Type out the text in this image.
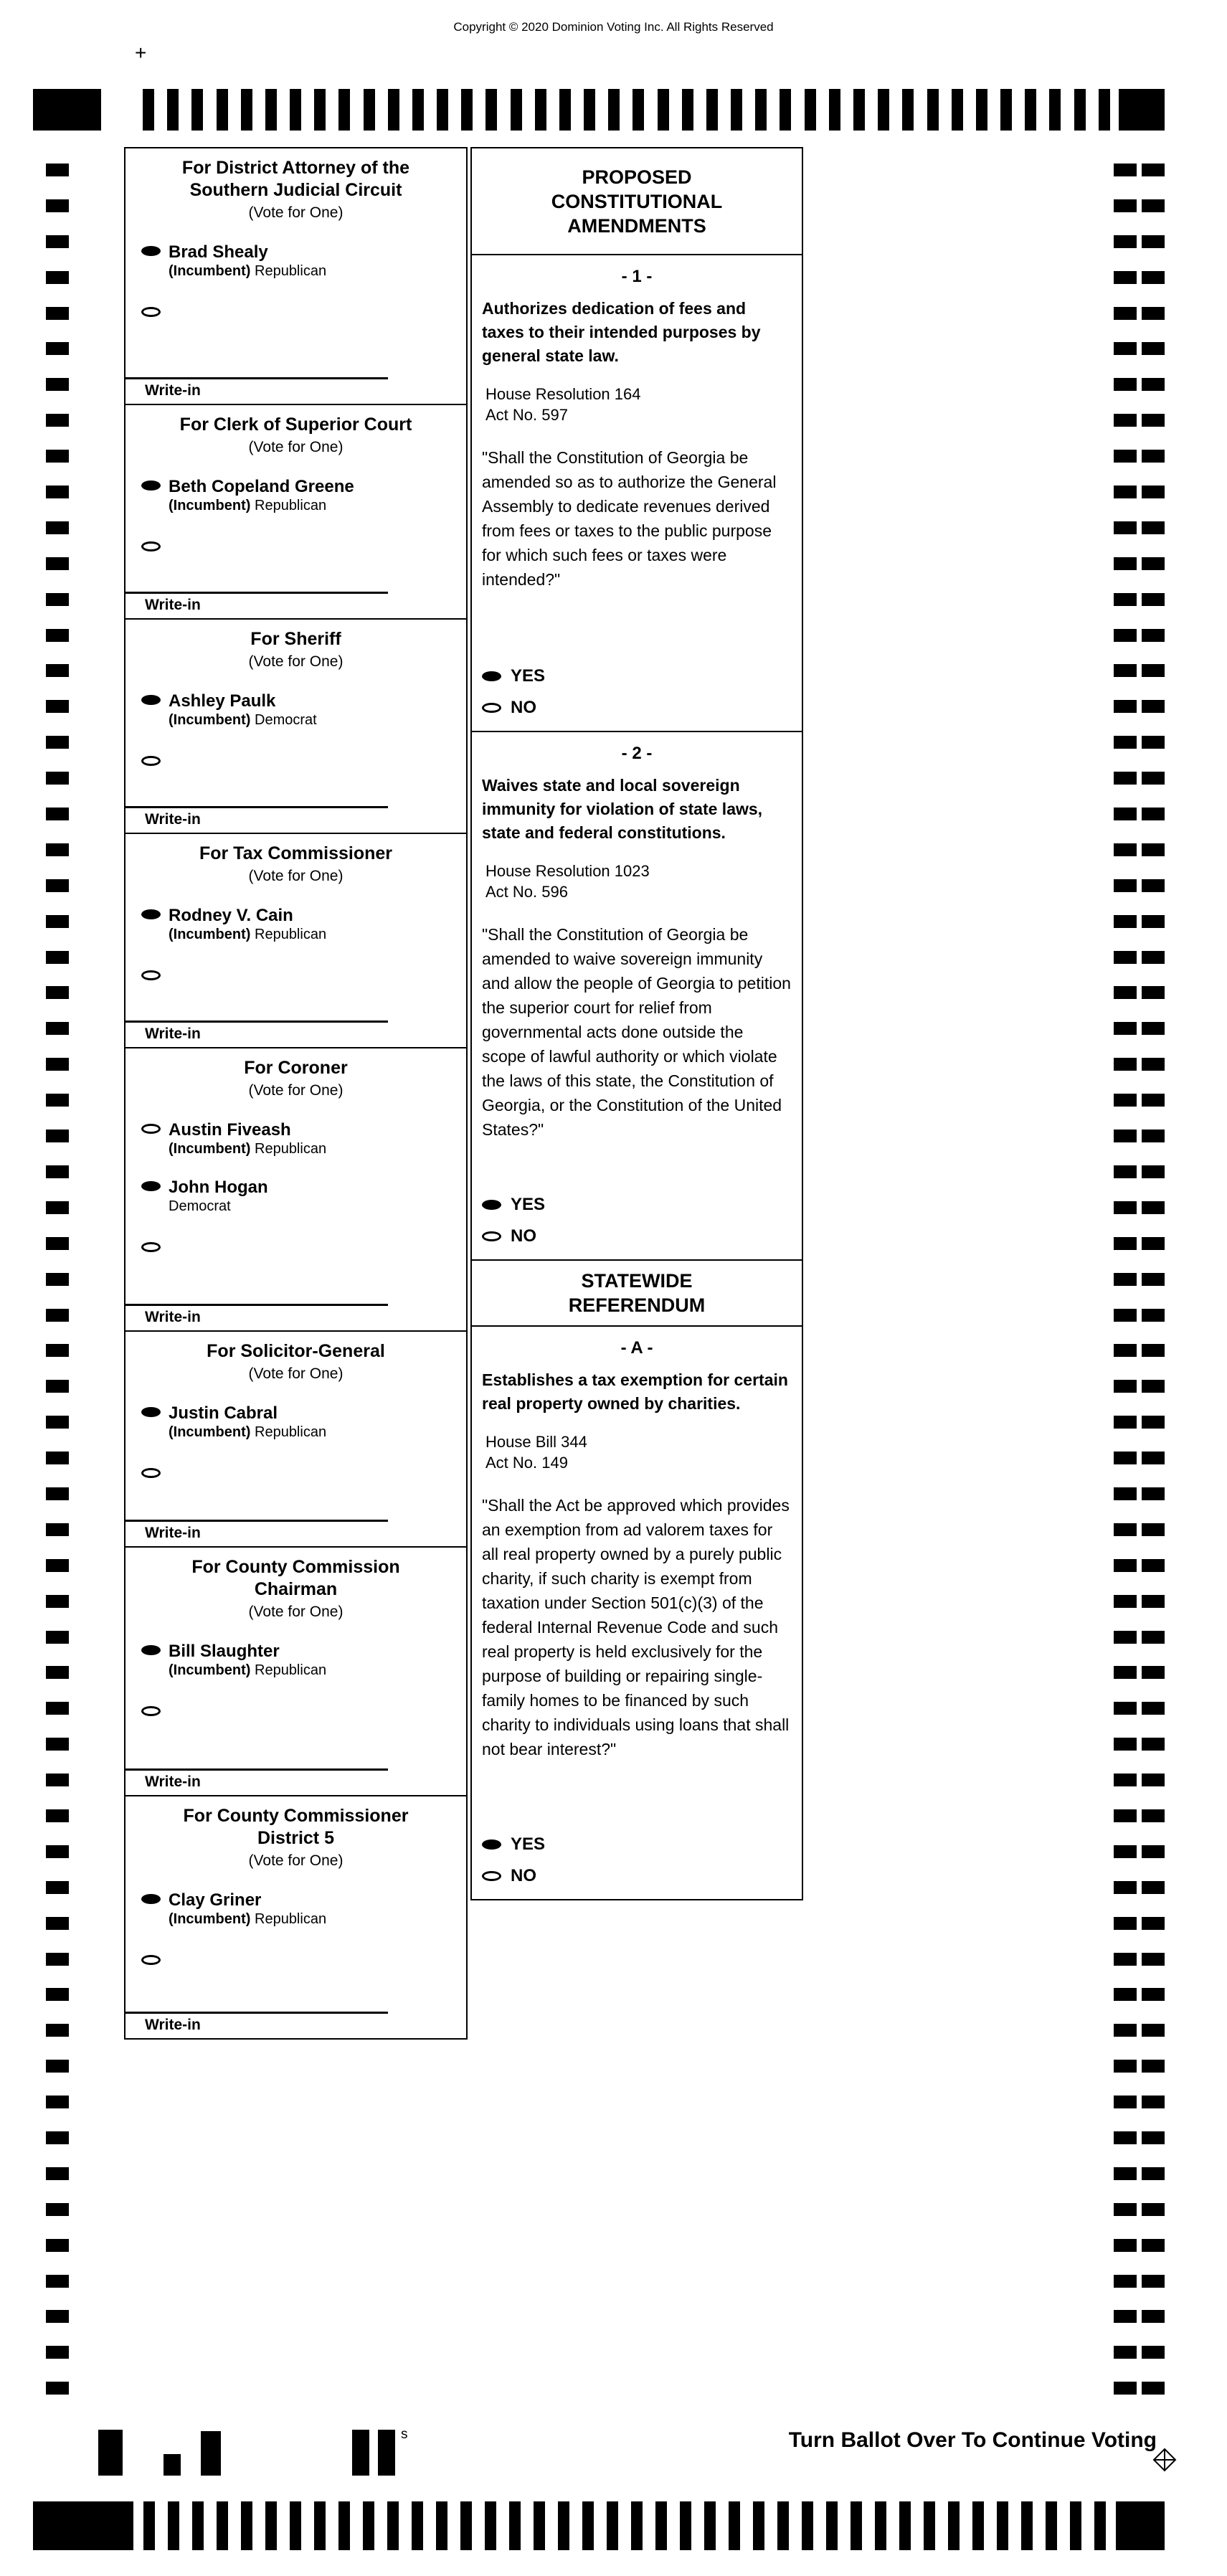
Copyright © 2020 Dominion Voting Inc. All Rights Reserved
+
For District Attorney of the
Southern Judicial Circuit
(Vote for One)
Brad Shealy
(Incumbent) Republican
Write-in
For Clerk of Superior Court
(Vote for One)
Beth Copeland Greene
(Incumbent) Republican
Write-in
For Sheriff
(Vote for One)
Ashley Paulk
(Incumbent) Democrat
Write-in
For Tax Commissioner
(Vote for One)
Rodney V. Cain
(Incumbent) Republican
Write-in
For Coroner
(Vote for One)
Austin Fiveash
(Incumbent) Republican
John Hogan
Democrat
Write-in
For Solicitor-General
(Vote for One)
Justin Cabral
(Incumbent) Republican
Write-in
For County Commission
Chairman
(Vote for One)
Bill Slaughter
(Incumbent) Republican
Write-in
For County Commissioner
District 5
(Vote for One)
Clay Griner
(Incumbent) Republican
Write-in
PROPOSED
CONSTITUTIONAL
AMENDMENTS
- 1 -
Authorizes dedication of fees and taxes to their intended purposes by general state law.
House Resolution 164
Act No. 597
"Shall the Constitution of Georgia be amended so as to authorize the General Assembly to dedicate revenues derived from fees or taxes to the public purpose for which such fees or taxes were intended?"
YES
NO
- 2 -
Waives state and local sovereign immunity for violation of state laws, state and federal constitutions.
House Resolution 1023
Act No. 596
"Shall the Constitution of Georgia be amended to waive sovereign immunity and allow the people of Georgia to petition the superior court for relief from governmental acts done outside the scope of lawful authority or which violate the laws of this state, the Constitution of Georgia, or the Constitution of the United States?"
YES
NO
STATEWIDE
REFERENDUM
- A -
Establishes a tax exemption for certain real property owned by charities.
House Bill 344
Act No. 149
"Shall the Act be approved which provides an exemption from ad valorem taxes for all real property owned by a purely public charity, if such charity is exempt from taxation under Section 501(c)(3) of the federal Internal Revenue Code and such real property is held exclusively for the purpose of building or repairing single-family homes to be financed by such charity to individuals using loans that shall not bear interest?"
YES
NO
s	Turn Ballot Over To Continue Voting
